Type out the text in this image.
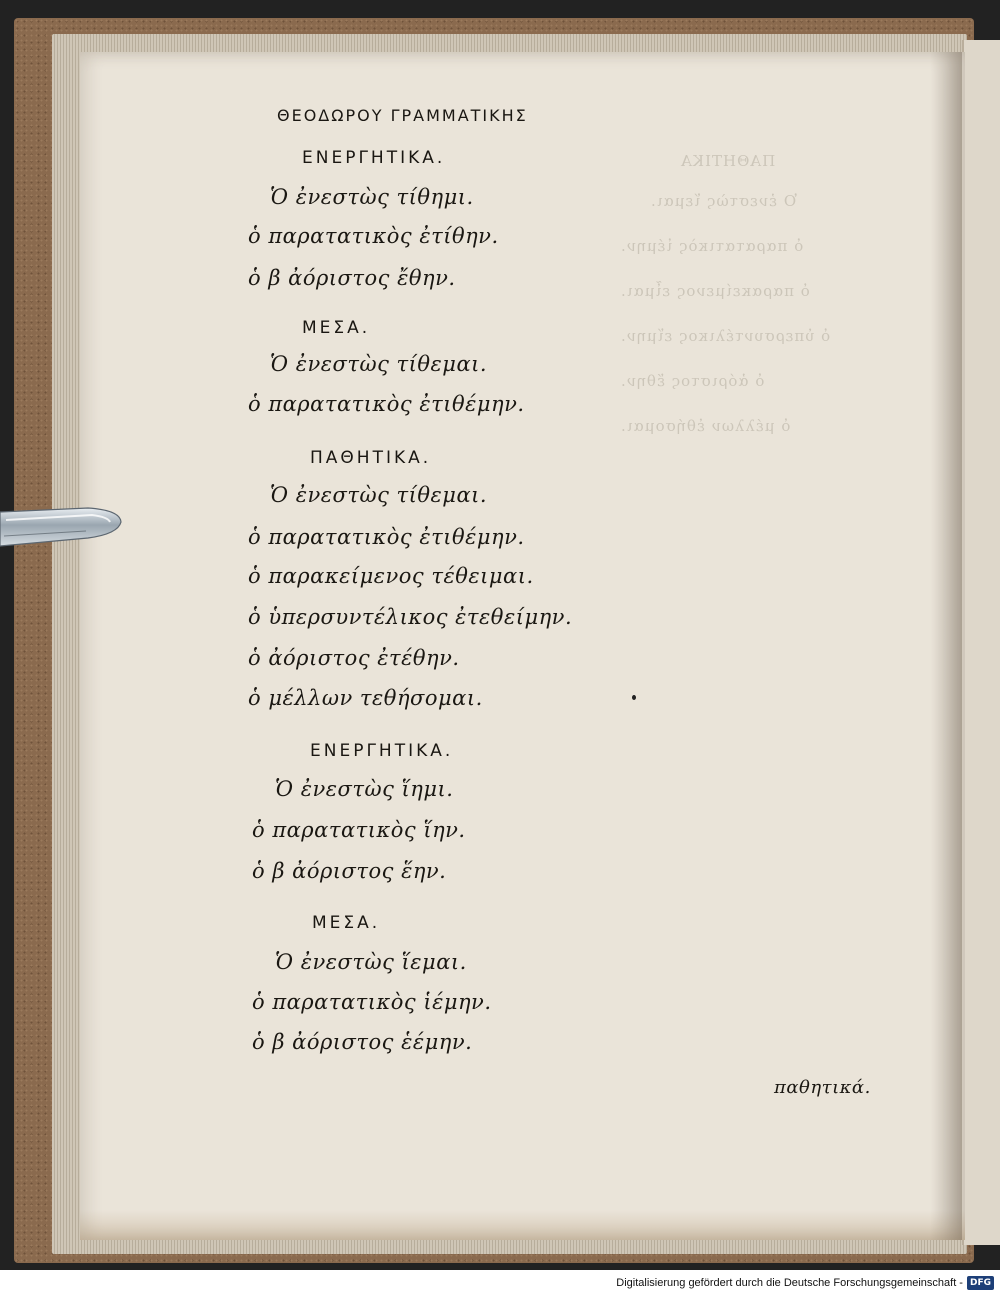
ΠΑΘΗΤΙΚΑ
Ὁ ἐνεστὼς ἵεμαι.
ὁ παρατατικὸς ἱέμην.
ὁ παρακείμενος εἷμαι.
ὁ ὑπερσυντέλικος εἵμην.
ὁ ἀόριστος ἕθην.
ὁ μέλλων ἑθήσομαι.
ΘΕΟΔΩΡΟΥ ΓΡΑΜΜΑΤΙΚΗΣ
ΕΝΕΡΓΗΤΙΚΑ.
Ὁ ἐνεστὼς τίθημι.
ὁ παρατατικὸς ἐτίθην.
ὁ β ἀόριστος ἔθην.
ΜΕΣΑ.
Ὁ ἐνεστὼς τίθεμαι.
ὁ παρατατικὸς ἐτιθέμην.
ΠΑΘΗΤΙΚΑ.
Ὁ ἐνεστὼς τίθεμαι.
ὁ παρατατικὸς ἐτιθέμην.
ὁ παρακείμενος τέθειμαι.
ὁ ὑπερσυντέλικος ἐτεθείμην.
ὁ ἀόριστος ἐτέθην.
ὁ μέλλων τεθήσομαι.
ΕΝΕΡΓΗΤΙΚΑ.
Ὁ ἐνεστὼς ἵημι.
ὁ παρατατικὸς ἵην.
ὁ β ἀόριστος ἕην.
ΜΕΣΑ.
Ὁ ἐνεστὼς ἵεμαι.
ὁ παρατατικὸς ἱέμην.
ὁ β ἀόριστος ἑέμην.
παθητικά.
Digitalisierung gefördert durch die Deutsche Forschungsgemeinschaft - DFG
